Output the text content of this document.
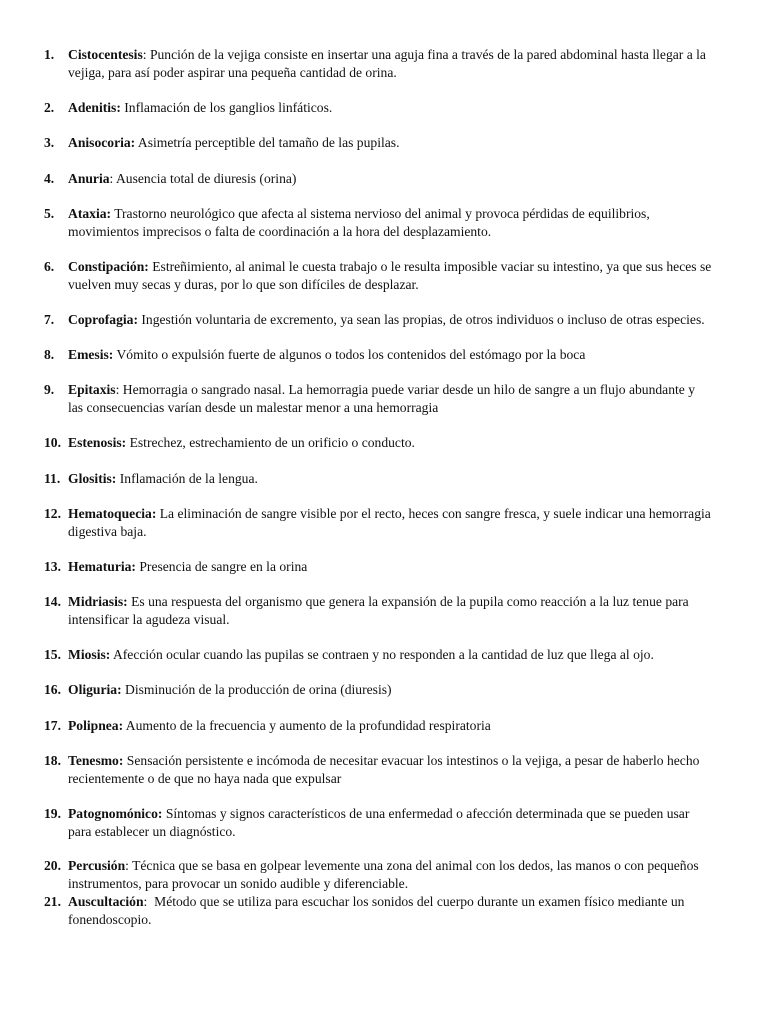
1. Cistocentesis: Punción de la vejiga consiste en insertar una aguja fina a través de la pared abdominal hasta llegar a la
vejiga, para así poder aspirar una pequeña cantidad de orina.
2. Adenitis: Inflamación de los ganglios linfáticos.
3. Anisocoria: Asimetría perceptible del tamaño de las pupilas.
4. Anuria: Ausencia total de diuresis (orina)
5. Ataxia: Trastorno neurológico que afecta al sistema nervioso del animal y provoca pérdidas de equilibrios,
movimientos imprecisos o falta de coordinación a la hora del desplazamiento.
6. Constipación: Estreñimiento, al animal le cuesta trabajo o le resulta imposible vaciar su intestino, ya que sus heces se
vuelven muy secas y duras, por lo que son difíciles de desplazar.
7. Coprofagia: Ingestión voluntaria de excremento, ya sean las propias, de otros individuos o incluso de otras especies.
8. Emesis: Vómito o expulsión fuerte de algunos o todos los contenidos del estómago por la boca
9. Epitaxis: Hemorragia o sangrado nasal. La hemorragia puede variar desde un hilo de sangre a un flujo abundante y
las consecuencias varían desde un malestar menor a una hemorragia
10. Estenosis: Estrechez, estrechamiento de un orificio o conducto.
11. Glositis: Inflamación de la lengua.
12. Hematoquecia: La eliminación de sangre visible por el recto, heces con sangre fresca, y suele indicar una hemorragia
digestiva baja.
13. Hematuria: Presencia de sangre en la orina
14. Midriasis: Es una respuesta del organismo que genera la expansión de la pupila como reacción a la luz tenue para
intensificar la agudeza visual.
15. Miosis: Afección ocular cuando las pupilas se contraen y no responden a la cantidad de luz que llega al ojo.
16. Oliguria: Disminución de la producción de orina (diuresis)
17. Polipnea: Aumento de la frecuencia y aumento de la profundidad respiratoria
18. Tenesmo: Sensación persistente e incómoda de necesitar evacuar los intestinos o la vejiga, a pesar de haberlo hecho
recientemente o de que no haya nada que expulsar
19. Patognomónico: Síntomas y signos característicos de una enfermedad o afección determinada que se pueden usar
para establecer un diagnóstico.
20. Percusión: Técnica que se basa en golpear levemente una zona del animal con los dedos, las manos o con pequeños
instrumentos, para provocar un sonido audible y diferenciable.
21. Auscultación:  Método que se utiliza para escuchar los sonidos del cuerpo durante un examen físico mediante un
fonendoscopio.
